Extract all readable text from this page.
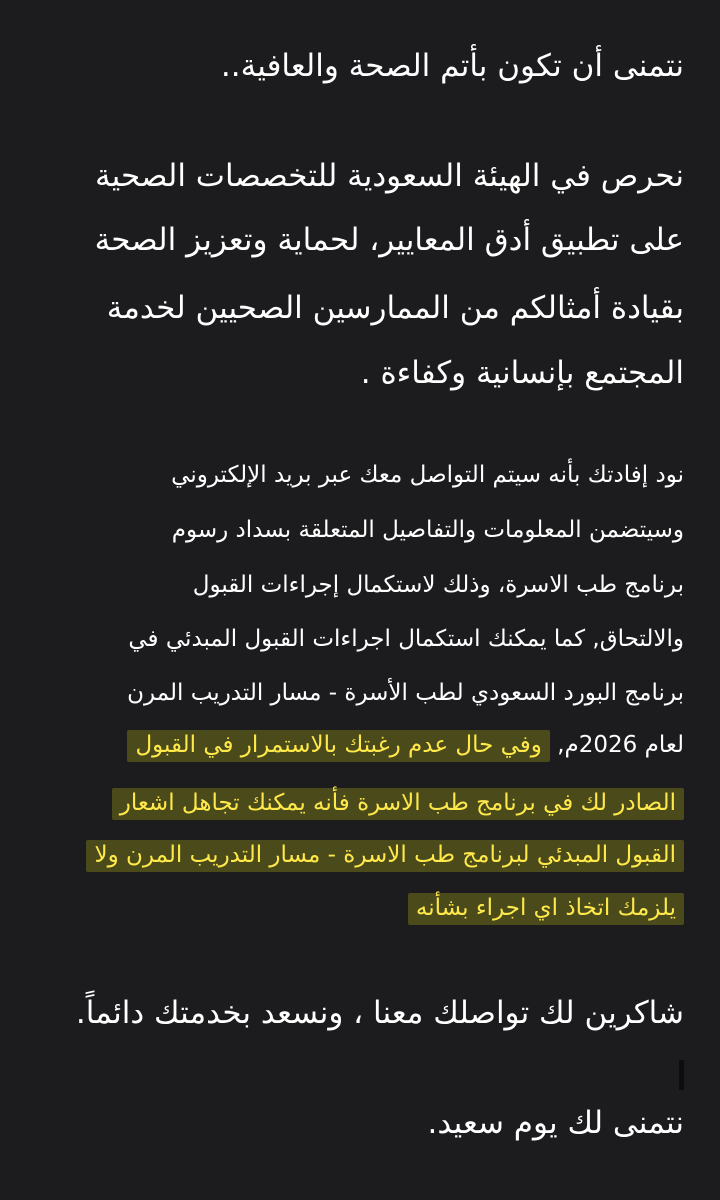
نتمنى أن تكون بأتم الصحة والعافية..
نحرص في الهيئة السعودية للتخصصات الصحية
على تطبيق أدق المعايير، لحماية وتعزيز الصحة
بقيادة أمثالكم من الممارسين الصحيين لخدمة
المجتمع بإنسانية وكفاءة .
نود إفادتك بأنه سيتم التواصل معك عبر بريد الإلكتروني
وسيتضمن المعلومات والتفاصيل المتعلقة بسداد رسوم
برنامج طب الاسرة، وذلك لاستكمال إجراءات القبول
والالتحاق, كما يمكنك استكمال اجراءات القبول المبدئي في
برنامج البورد السعودي لطب الأسرة - مسار التدريب المرن
لعام 2026م, وفي حال عدم رغبتك بالاستمرار في القبول
الصادر لك في برنامج طب الاسرة فأنه يمكنك تجاهل اشعار
القبول المبدئي لبرنامج طب الاسرة - مسار التدريب المرن ولا
يلزمك اتخاذ اي اجراء بشأنه
شاكرين لك تواصلك معنا ، ونسعد بخدمتك دائماً.
نتمنى لك يوم سعيد.
